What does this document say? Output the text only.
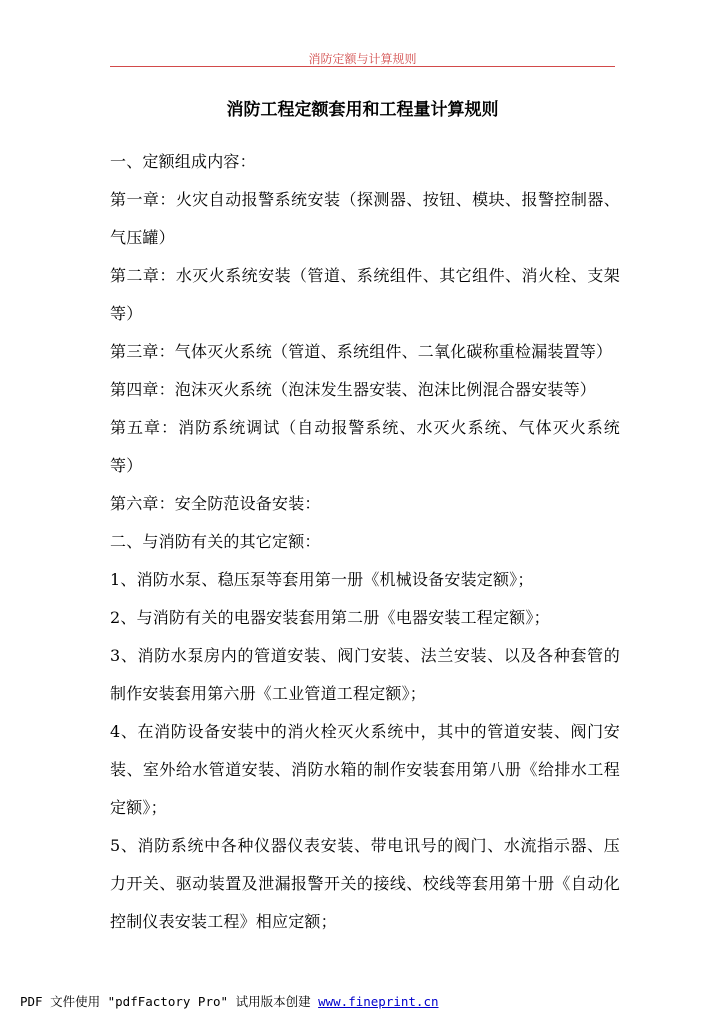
消防定额与计算规则
消防工程定额套用和工程量计算规则

一、定额组成内容：

第一章：火灾自动报警系统安装（探测器、按钮、模块、报警控制器、气压罐）

第二章：水灭火系统安装（管道、系统组件、其它组件、消火栓、支架等）

第三章：气体灭火系统（管道、系统组件、二氧化碳称重检漏装置等）

第四章：泡沫灭火系统（泡沫发生器安装、泡沫比例混合器安装等）

第五章：消防系统调试（自动报警系统、水灭火系统、气体灭火系统等）

第六章：安全防范设备安装：

二、与消防有关的其它定额：

1、消防水泵、稳压泵等套用第一册《机械设备安装定额》；

2、与消防有关的电器安装套用第二册《电器安装工程定额》；

3、消防水泵房内的管道安装、阀门安装、法兰安装、以及各种套管的制作安装套用第六册《工业管道工程定额》；

4、在消防设备安装中的消火栓灭火系统中，其中的管道安装、阀门安装、室外给水管道安装、消防水箱的制作安装套用第八册《给排水工程定额》；

5、消防系统中各种仪器仪表安装、带电讯号的阀门、水流指示器、压力开关、驱动装置及泄漏报警开关的接线、校线等套用第十册《自动化控制仪表安装工程》相应定额；

PDF 文件使用 "pdfFactory Pro" 试用版本创建 www.fineprint.cn
